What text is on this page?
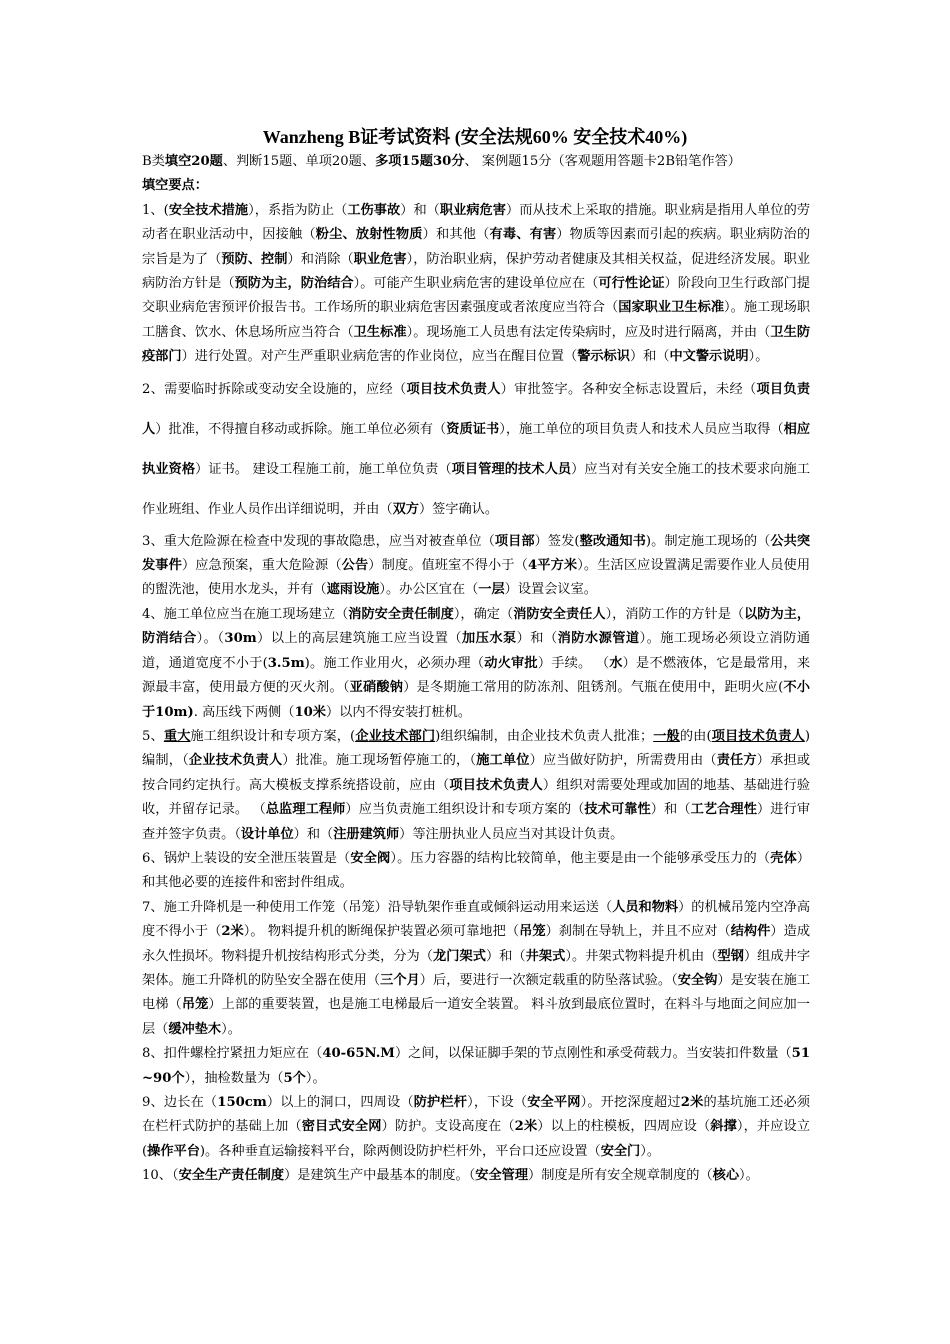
Wanzheng B证考试资料 (安全法规60% 安全技术40%)

B类填空20题、判断15题、单项20题、多项15题30分、 案例题15分（客观题用答题卡2B铅笔作答）

填空要点：

1、(安全技术措施），系指为防止（工伤事故）和（职业病危害）而从技术上采取的措施。职业病是指用人单位的劳动者在职业活动中，因接触（粉尘、放射性物质）和其他（有毒、有害）物质等因素而引起的疾病。职业病防治的宗旨是为了（预防、控制）和消除（职业危害），防治职业病，保护劳动者健康及其相关权益，促进经济发展。职业病防治方针是（预防为主，防治结合）。可能产生职业病危害的建设单位应在（可行性论证）阶段向卫生行政部门提交职业病危害预评价报告书。工作场所的职业病危害因素强度或者浓度应当符合（国家职业卫生标准）。施工现场职工膳食、饮水、休息场所应当符合（卫生标准）。现场施工人员患有法定传染病时，应及时进行隔离，并由（卫生防疫部门）进行处置。对产生严重职业病危害的作业岗位，应当在醒目位置（警示标识）和（中文警示说明）。

2、需要临时拆除或变动安全设施的，应经（项目技术负责人）审批签字。各种安全标志设置后，未经（项目负责人）批准，不得擅自移动或拆除。施工单位必须有（资质证书），施工单位的项目负责人和技术人员应当取得（相应执业资格）证书。 建设工程施工前，施工单位负责（项目管理的技术人员）应当对有关安全施工的技术要求向施工作业班组、作业人员作出详细说明，并由（双方）签字确认。

3、重大危险源在检查中发现的事故隐患，应当对被查单位（项目部）签发(整改通知书)。制定施工现场的（公共突发事件）应急预案，重大危险源（公告）制度。值班室不得小于（4平方米）。生活区应设置满足需要作业人员使用的盥洗池，使用水龙头，并有（遮雨设施）。办公区宜在（一层）设置会议室。

4、施工单位应当在施工现场建立（消防安全责任制度），确定（消防安全责任人），消防工作的方针是（以防为主，防消结合）。（30m）以上的高层建筑施工应当设置（加压水泵）和（消防水源管道）。施工现场必须设立消防通道，通道宽度不小于(3.5m)。施工作业用火，必须办理（动火审批）手续。 （水）是不燃液体，它是最常用，来源最丰富，使用最方便的灭火剂。（亚硝酸钠）是冬期施工常用的防冻剂、阻锈剂。气瓶在使用中，距明火应(不小于10m). 高压线下两侧（10米）以内不得安装打桩机。

5、重大施工组织设计和专项方案，(企业技术部门)组织编制，由企业技术负责人批准；一般的由(项目技术负责人)编制，（企业技术负责人）批准。施工现场暂停施工的，（施工单位）应当做好防护，所需费用由（责任方）承担或按合同约定执行。高大模板支撑系统搭设前，应由（项目技术负责人）组织对需要处理或加固的地基、基础进行验收，并留存记录。 （总监理工程师）应当负责施工组织设计和专项方案的（技术可靠性）和（工艺合理性）进行审查并签字负责。（设计单位）和（注册建筑师）等注册执业人员应当对其设计负责。

6、锅炉上装设的安全泄压装置是（安全阀）。压力容器的结构比较简单，他主要是由一个能够承受压力的（壳体）和其他必要的连接件和密封件组成。

7、施工升降机是一种使用工作笼（吊笼）沿导轨架作垂直或倾斜运动用来运送（人员和物料）的机械吊笼内空净高度不得小于（2米）。 物料提升机的断绳保护装置必须可靠地把（吊笼）刹制在导轨上，并且不应对（结构件）造成永久性损坏。物料提升机按结构形式分类，分为（龙门架式）和（井架式）。井架式物料提升机由（型钢）组成井字架体。施工升降机的防坠安全器在使用（三个月）后，要进行一次额定载重的防坠落试验。（安全钩）是安装在施工电梯（吊笼）上部的重要装置，也是施工电梯最后一道安全装置。 料斗放到最底位置时，在料斗与地面之间应加一层（缓冲垫木）。

8、扣件螺栓拧紧扭力矩应在（40-65N.M）之间，以保证脚手架的节点刚性和承受荷载力。当安装扣件数量（51~90个），抽检数量为（5个）。

9、边长在（150cm）以上的洞口，四周设（防护栏杆），下设（安全平网）。开挖深度超过2米的基坑施工还必须在栏杆式防护的基础上加（密目式安全网）防护。支设高度在（2米）以上的柱模板，四周应设（斜撑），并应设立(操作平台)。各种垂直运输接料平台，除两侧设防护栏杆外，平台口还应设置（安全门）。

10、（安全生产责任制度）是建筑生产中最基本的制度。（安全管理）制度是所有安全规章制度的（核心）。
